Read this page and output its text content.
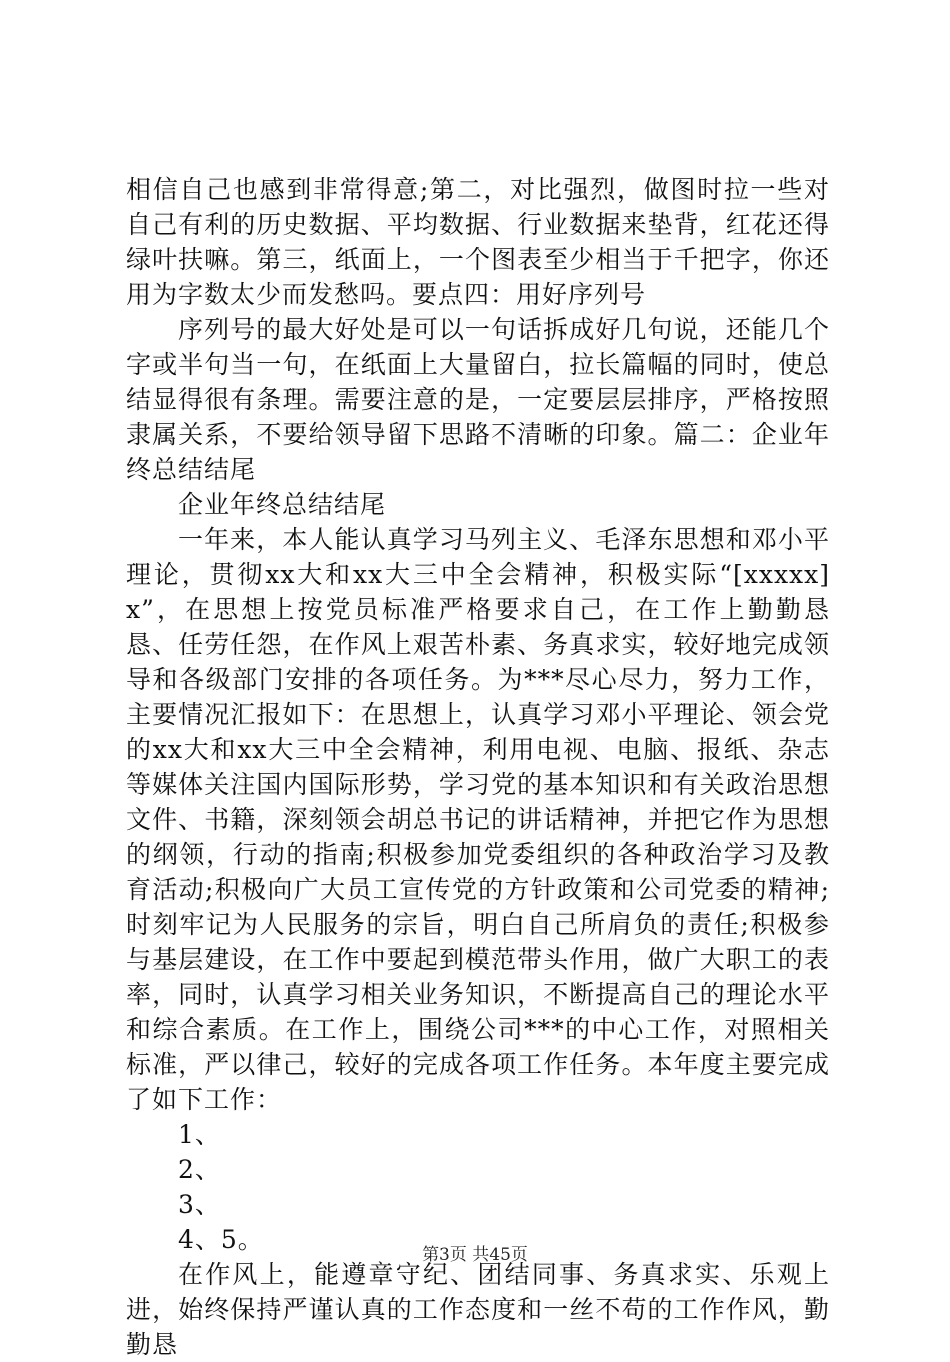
相信自己也感到非常得意;第二，对比强烈，做图时拉一些对自己有利的历史数据、平均数据、行业数据来垫背，红花还得绿叶扶嘛。第三，纸面上，一个图表至少相当于千把字，你还用为字数太少而发愁吗。要点四：用好序列号

序列号的最大好处是可以一句话拆成好几句说，还能几个字或半句当一句，在纸面上大量留白，拉长篇幅的同时，使总结显得很有条理。需要注意的是，一定要层层排序，严格按照隶属关系，不要给领导留下思路不清晰的印象。篇二：企业年终总结结尾

企业年终总结结尾

一年来，本人能认真学习马列主义、毛泽东思想和邓小平理论，贯彻xx大和xx大三中全会精神，积极实际“[xxxxx]x”，在思想上按党员标准严格要求自己，在工作上勤勤恳恳、任劳任怨，在作风上艰苦朴素、务真求实，较好地完成领导和各级部门安排的各项任务。为***尽心尽力，努力工作，主要情况汇报如下：在思想上，认真学习邓小平理论、领会党的xx大和xx大三中全会精神，利用电视、电脑、报纸、杂志等媒体关注国内国际形势，学习党的基本知识和有关政治思想文件、书籍，深刻领会胡总书记的讲话精神，并把它作为思想的纲领，行动的指南;积极参加党委组织的各种政治学习及教育活动;积极向广大员工宣传党的方针政策和公司党委的精神;时刻牢记为人民服务的宗旨，明白自己所肩负的责任;积极参与基层建设，在工作中要起到模范带头作用，做广大职工的表率，同时，认真学习相关业务知识，不断提高自己的理论水平和综合素质。在工作上，围绕公司***的中心工作，对照相关标准，严以律己，较好的完成各项工作任务。本年度主要完成了如下工作：

1、

2、

3、

4、5。

在作风上，能遵章守纪、团结同事、务真求实、乐观上进，始终保持严谨认真的工作态度和一丝不苟的工作作风，勤勤恳

第3页 共45页
